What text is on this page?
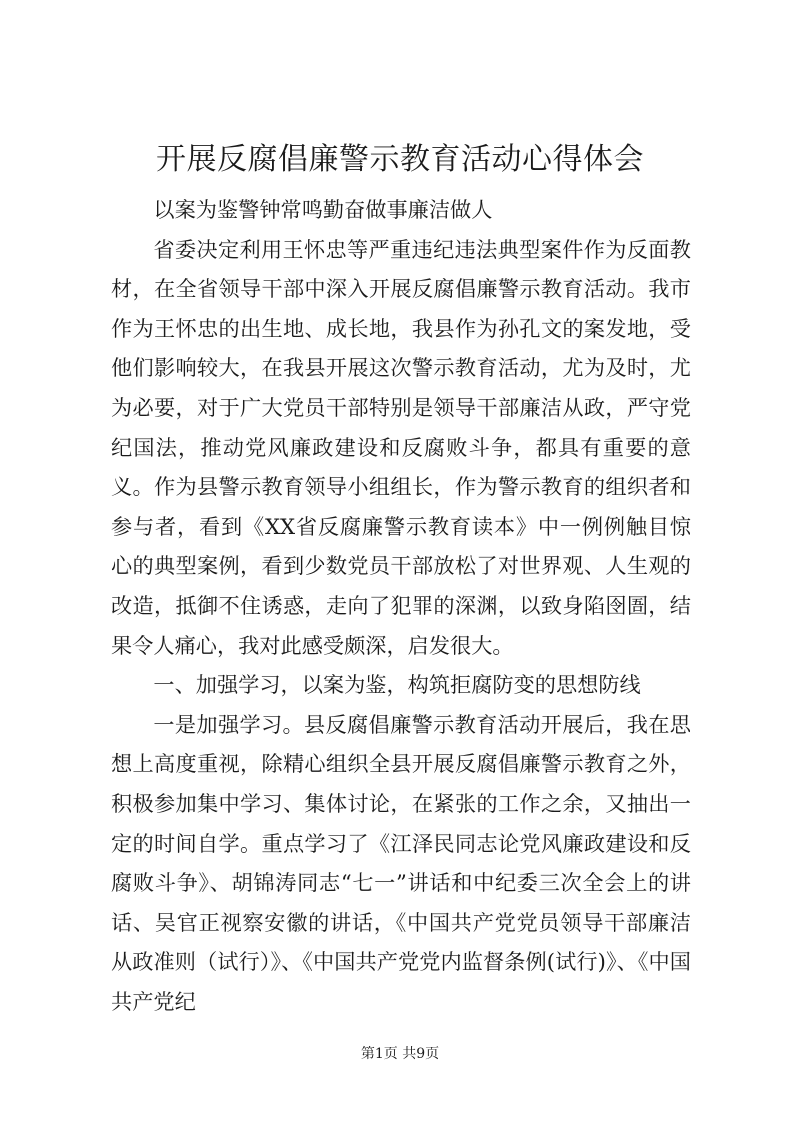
开展反腐倡廉警示教育活动心得体会

以案为鉴警钟常鸣勤奋做事廉洁做人

省委决定利用王怀忠等严重违纪违法典型案件作为反面教材，在全省领导干部中深入开展反腐倡廉警示教育活动。我市作为王怀忠的出生地、成长地，我县作为孙孔文的案发地，受他们影响较大，在我县开展这次警示教育活动，尤为及时，尤为必要，对于广大党员干部特别是领导干部廉洁从政，严守党纪国法，推动党风廉政建设和反腐败斗争，都具有重要的意义。作为县警示教育领导小组组长，作为警示教育的组织者和参与者，看到《XX省反腐廉警示教育读本》中一例例触目惊心的典型案例，看到少数党员干部放松了对世界观、人生观的改造，抵御不住诱惑，走向了犯罪的深渊，以致身陷囹圄，结果令人痛心，我对此感受颇深，启发很大。

一、加强学习，以案为鉴，构筑拒腐防变的思想防线

一是加强学习。县反腐倡廉警示教育活动开展后，我在思想上高度重视，除精心组织全县开展反腐倡廉警示教育之外，积极参加集中学习、集体讨论，在紧张的工作之余，又抽出一定的时间自学。重点学习了《江泽民同志论党风廉政建设和反腐败斗争》、胡锦涛同志“七一”讲话和中纪委三次全会上的讲话、吴官正视察安徽的讲话，《中国共产党党员领导干部廉洁从政准则（试行）》、《中国共产党党内监督条例(试行)》、《中国共产党纪

第1页 共9页
